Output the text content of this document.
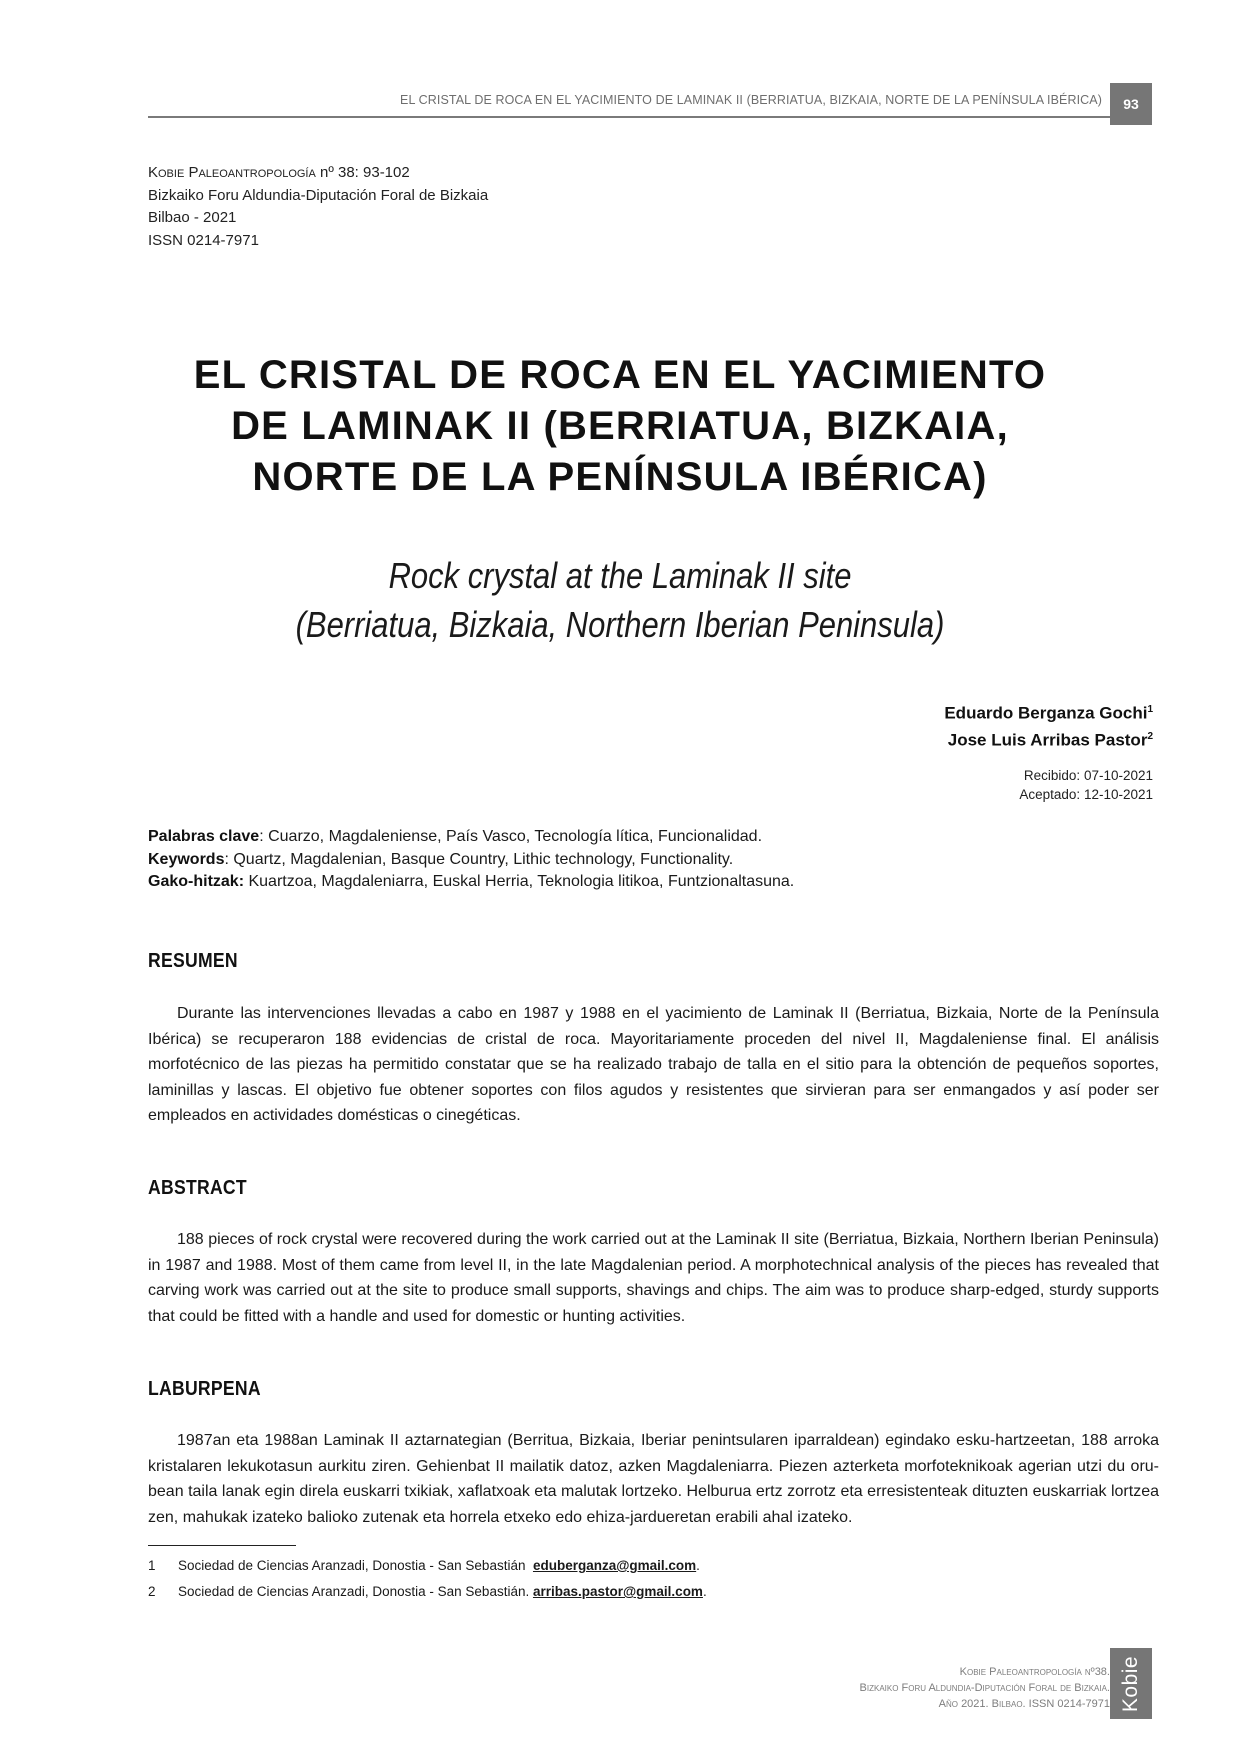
EL CRISTAL DE ROCA EN EL YACIMIENTO DE LAMINAK II (BERRIATUA, BIZKAIA, NORTE DE LA PENÍNSULA IBÉRICA)	93
Kobie Paleoantropología nº 38: 93-102
Bizkaiko Foru Aldundia-Diputación Foral de Bizkaia
Bilbao - 2021
ISSN 0214-7971
EL CRISTAL DE ROCA EN EL YACIMIENTO
DE LAMINAK II (BERRIATUA, BIZKAIA,
NORTE DE LA PENÍNSULA IBÉRICA)
Rock crystal at the Laminak II site
(Berriatua, Bizkaia, Northern Iberian Peninsula)
Eduardo Berganza Gochi$^1$
Jose Luis Arribas Pastor$^2$
Recibido: 07-10-2021
Aceptado: 12-10-2021
Palabras clave: Cuarzo, Magdaleniense, País Vasco, Tecnología lítica, Funcionalidad.
Keywords: Quartz, Magdalenian, Basque Country, Lithic technology, Functionality.
Gako-hitzak: Kuartzoa, Magdaleniarra, Euskal Herria, Teknologia litikoa, Funtzionaltasuna.
RESUMEN
Durante las intervenciones llevadas a cabo en 1987 y 1988 en el yacimiento de Laminak II (Berriatua, Bizkaia, Norte de la Península Ibérica) se recuperaron 188 evidencias de cristal de roca. Mayoritariamente proceden del nivel II, Magdaleniense final. El análisis morfotécnico de las piezas ha permitido constatar que se ha realizado trabajo de talla en el sitio para la obtención de pequeños soportes, laminillas y lascas. El objetivo fue obtener soportes con filos agudos y resistentes que sirvieran para ser enmangados y así poder ser empleados en actividades domésticas o cinegéticas.
ABSTRACT
188 pieces of rock crystal were recovered during the work carried out at the Laminak II site (Berriatua, Bizkaia, Northern Iberian Peninsula) in 1987 and 1988. Most of them came from level II, in the late Magdalenian period. A morphotechnical analysis of the pieces has revealed that carving work was carried out at the site to produce small supports, shavings and chips. The aim was to produce sharp-edged, sturdy supports that could be fitted with a handle and used for domestic or hunting activities.
LABURPENA
1987an eta 1988an Laminak II aztarnategian (Berritua, Bizkaia, Iberiar penintsularen iparraldean) egindako esku-hartzeetan, 188 arroka kristalaren lekukotasun aurkitu ziren. Gehienbat II mailatik datoz, azken Magdaleniarra. Piezen azterketa morfoteknikoak agerian utzi du oru-bean taila lanak egin direla euskarri txikiak, xaflatxoak eta malutak lortzeko. Helburua ertz zorrotz eta erresistenteak dituzten euskarriak lortzea zen, mahukak izateko balioko zutenak eta horrela etxeko edo ehiza-jardueretan erabili ahal izateko.
1 Sociedad de Ciencias Aranzadi, Donostia - San Sebastián  eduberganza@gmail.com.
2 Sociedad de Ciencias Aranzadi, Donostia - San Sebastián. arribas.pastor@gmail.com.
Kobie Paleoantropología nº38.
Bizkaiko Foru Aldundia-Diputación Foral de Bizkaia.
Año 2021. Bilbao. ISSN 0214-7971 Kobie
